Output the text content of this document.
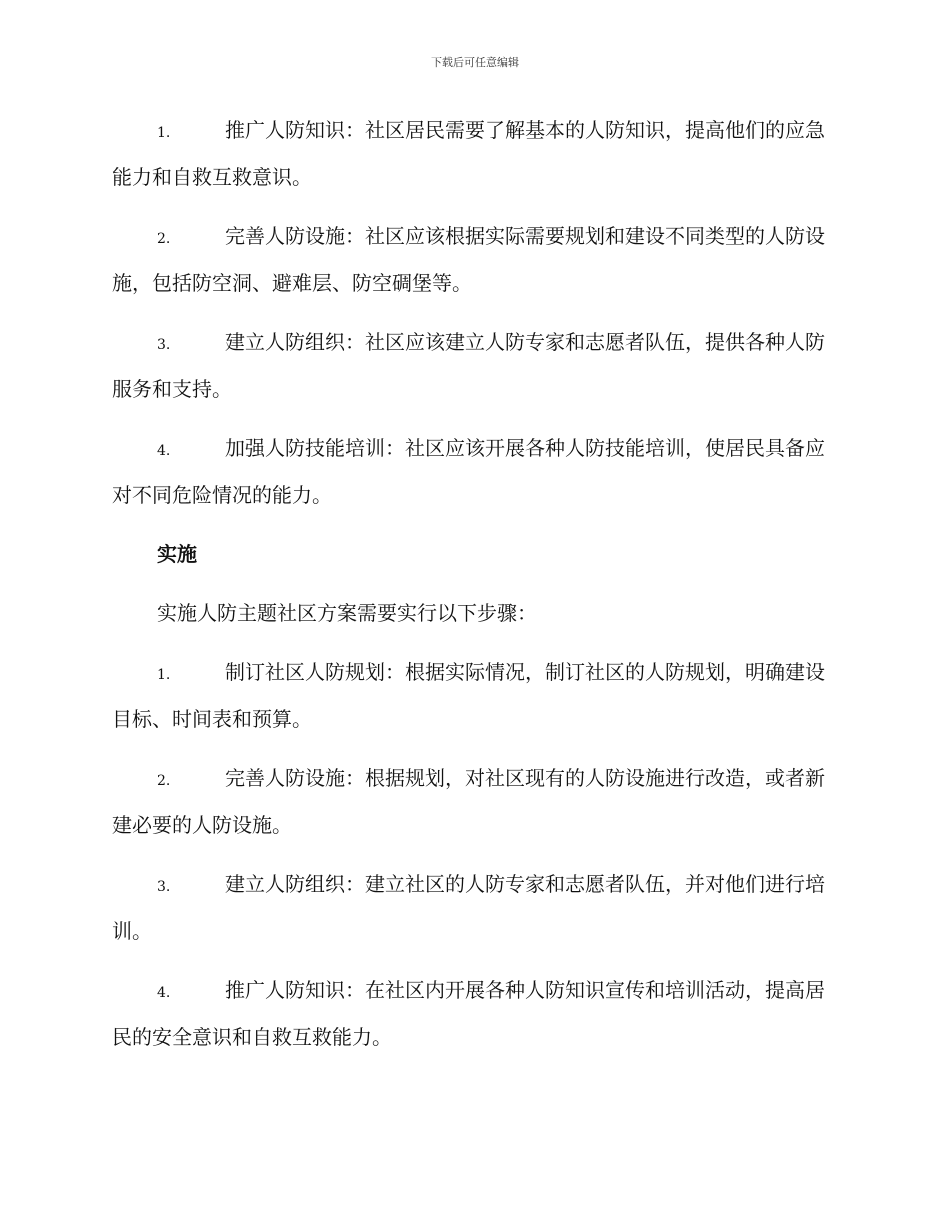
下载后可任意编辑

1.	推广人防知识：社区居民需要了解基本的人防知识，提高他们的应急能力和自救互救意识。

2.	完善人防设施：社区应该根据实际需要规划和建设不同类型的人防设施，包括防空洞、避难层、防空碉堡等。

3.	建立人防组织：社区应该建立人防专家和志愿者队伍，提供各种人防服务和支持。

4.	加强人防技能培训：社区应该开展各种人防技能培训，使居民具备应对不同危险情况的能力。

实施

实施人防主题社区方案需要实行以下步骤：

1.	制订社区人防规划：根据实际情况，制订社区的人防规划，明确建设目标、时间表和预算。

2.	完善人防设施：根据规划，对社区现有的人防设施进行改造，或者新建必要的人防设施。

3.	建立人防组织：建立社区的人防专家和志愿者队伍，并对他们进行培训。

4.	推广人防知识：在社区内开展各种人防知识宣传和培训活动，提高居民的安全意识和自救互救能力。
